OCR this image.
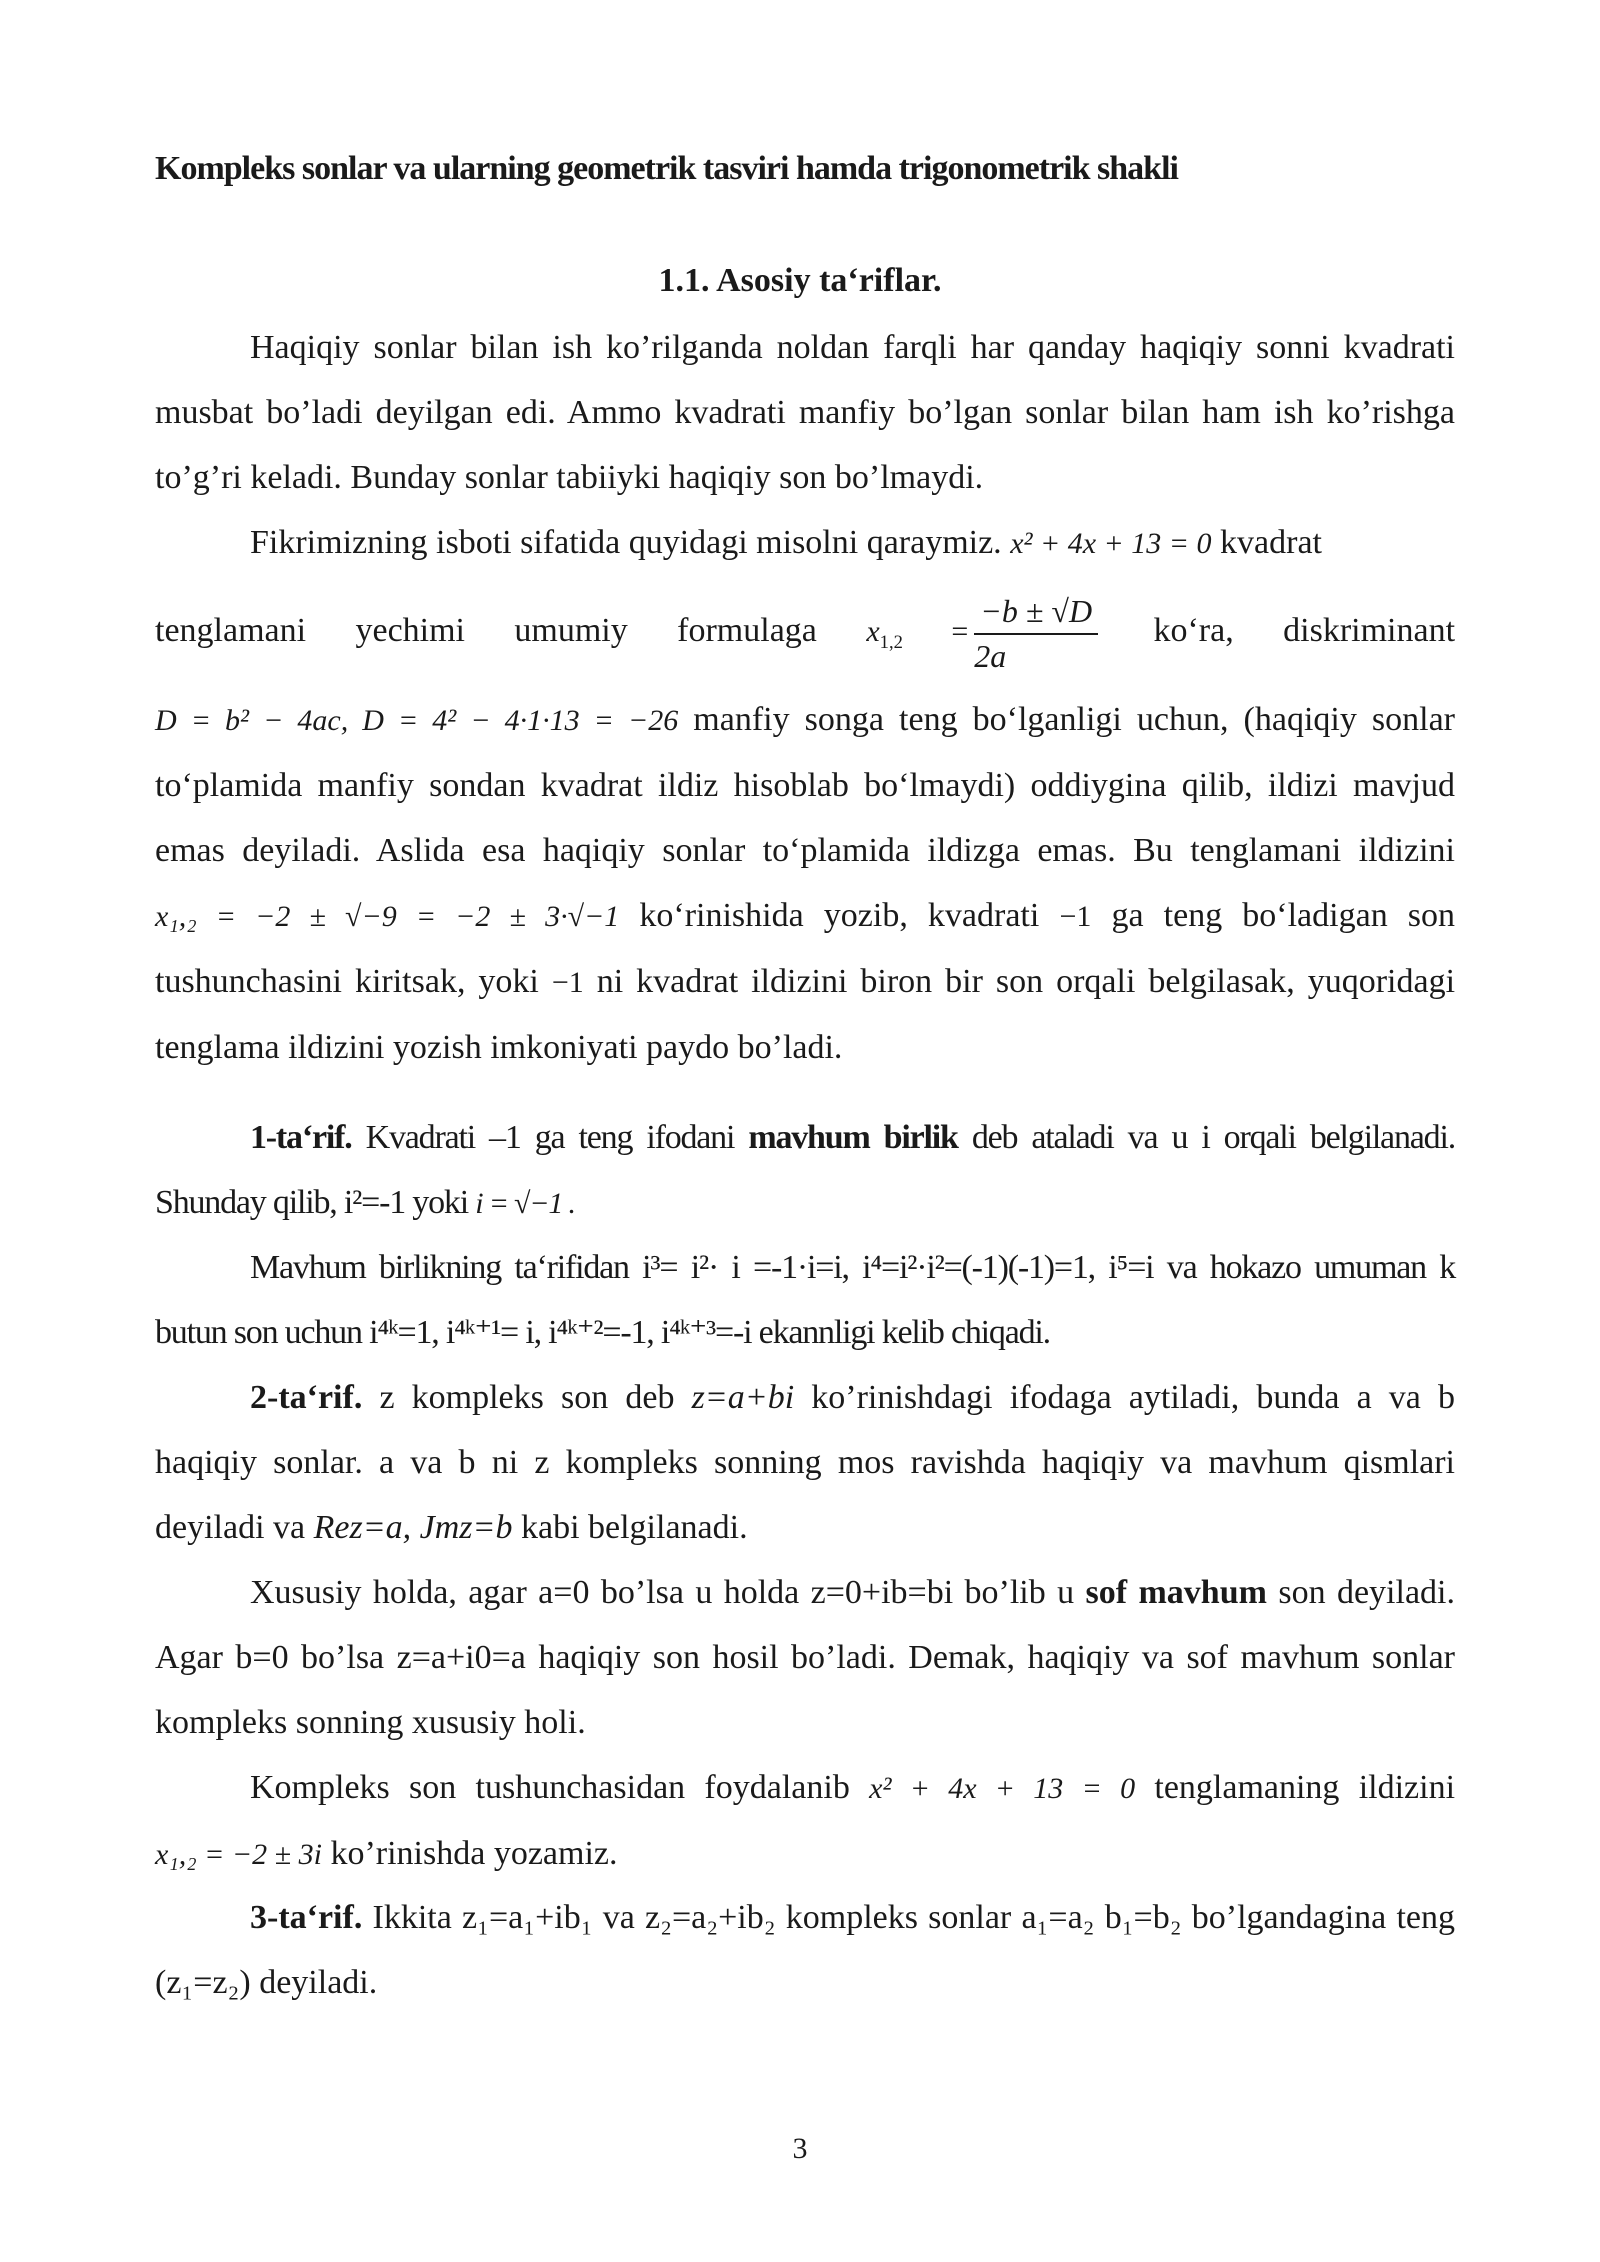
Kompleks sonlar va ularning geometrik tasviri hamda trigonometrik shakli
1.1. Asosiy ta‘riflar.

Haqiqiy sonlar bilan ish ko’rilganda noldan farqli har qanday haqiqiy sonni kvadrati musbat bo’ladi deyilgan edi. Ammo kvadrati manfiy bo’lgan sonlar bilan ham ish ko’rishga to’g’ri keladi. Bunday sonlar tabiiyki haqiqiy son bo’lmaydi.

Fikrimizning isboti sifatida quyidagi misolni qaraymiz. x² + 4x + 13 = 0 kvadrat

tenglamani yechimi umumiy formulaga $x_{1,2} = \frac{-b \pm √D}{2a}$ ko‘ra, diskriminant

D = b² − 4ac, D = 4² − 4·1·13 = −26 manfiy songa teng bo‘lganligi uchun, (haqiqiy sonlar to‘plamida manfiy sondan kvadrat ildiz hisoblab bo‘lmaydi) oddiygina qilib, ildizi mavjud emas deyiladi. Aslida esa haqiqiy sonlar to‘plamida ildizga emas. Bu tenglamani ildizini x₁,₂ = −2 ± √−9 = −2 ± 3·√−1 ko‘rinishida yozib, kvadrati −1 ga teng bo‘ladigan son tushunchasini kiritsak, yoki −1 ni kvadrat ildizini biron bir son orqali belgilasak, yuqoridagi tenglama ildizini yozish imkoniyati paydo bo’ladi.

1-ta‘rif. Kvadrati –1 ga teng ifodani mavhum birlik deb ataladi va u i orqali belgilanadi. Shunday qilib, i²=-1 yoki i = √−1 .

Mavhum birlikning ta‘rifidan i³= i²· i =-1·i=i, i⁴=i²·i²=(-1)(-1)=1, i⁵=i va hokazo umuman k butun son uchun i⁴ᵏ=1, i⁴ᵏ⁺¹= i, i⁴ᵏ⁺²=-1, i⁴ᵏ⁺³=-i ekannligi kelib chiqadi.

2-ta‘rif. z kompleks son deb z=a+bi ko’rinishdagi ifodaga aytiladi, bunda a va b haqiqiy sonlar. a va b ni z kompleks sonning mos ravishda haqiqiy va mavhum qismlari deyiladi va Rez=a, Jmz=b kabi belgilanadi.

Xususiy holda, agar a=0 bo’lsa u holda z=0+ib=bi bo’lib u sof mavhum son deyiladi. Agar b=0 bo’lsa z=a+i0=a haqiqiy son hosil bo’ladi. Demak, haqiqiy va sof mavhum sonlar kompleks sonning xususiy holi.

Kompleks son tushunchasidan foydalanib x² + 4x + 13 = 0 tenglamaning ildizini x₁,₂ = −2 ± 3i ko’rinishda yozamiz.

3-ta‘rif. Ikkita z₁=a₁+ib₁ va z₂=a₂+ib₂ kompleks sonlar a₁=a₂ b₁=b₂ bo’lgandagina teng (z₁=z₂) deyiladi.

3
